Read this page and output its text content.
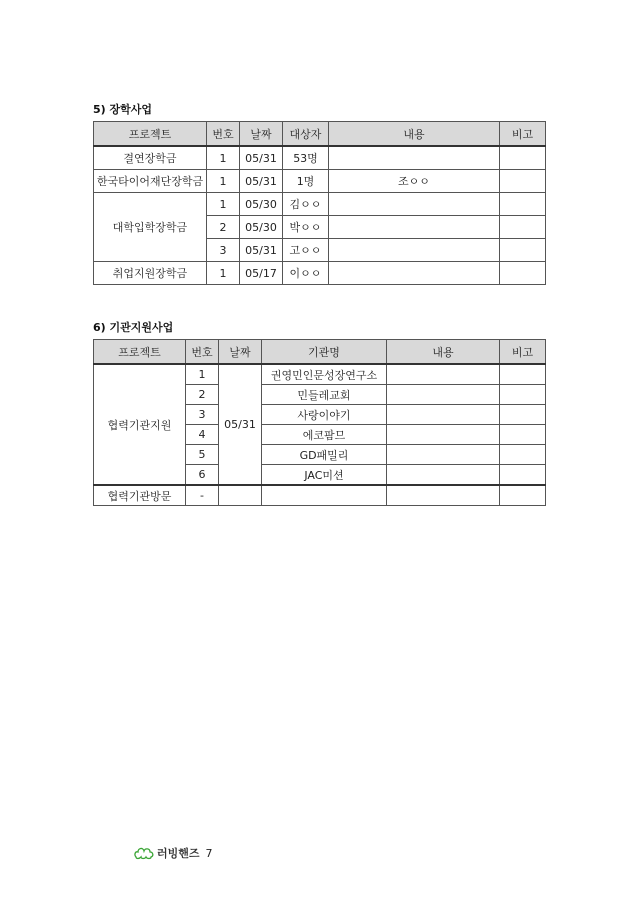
5) 장학사업
프로젝트	번호	날짜	대상자	내용	비고
결연장학금	1	05/31	53명		
한국타이어재단장학금	1	05/31	1명	조ㅇㅇ	
대학입학장학금	1	05/30	김ㅇㅇ		
	2	05/30	박ㅇㅇ		
	3	05/31	고ㅇㅇ		
취업지원장학금	1	05/17	이ㅇㅇ		
6) 기관지원사업
프로젝트	번호	날짜	기관명	내용	비고
협력기관지원	1	05/31	권영민인문성장연구소		
	2		민들레교회		
	3		사랑이야기		
	4		에코팜므		
	5		GD패밀리		
	6		JAC미션		
협력기관방문	-				
러빙핸즈 7
